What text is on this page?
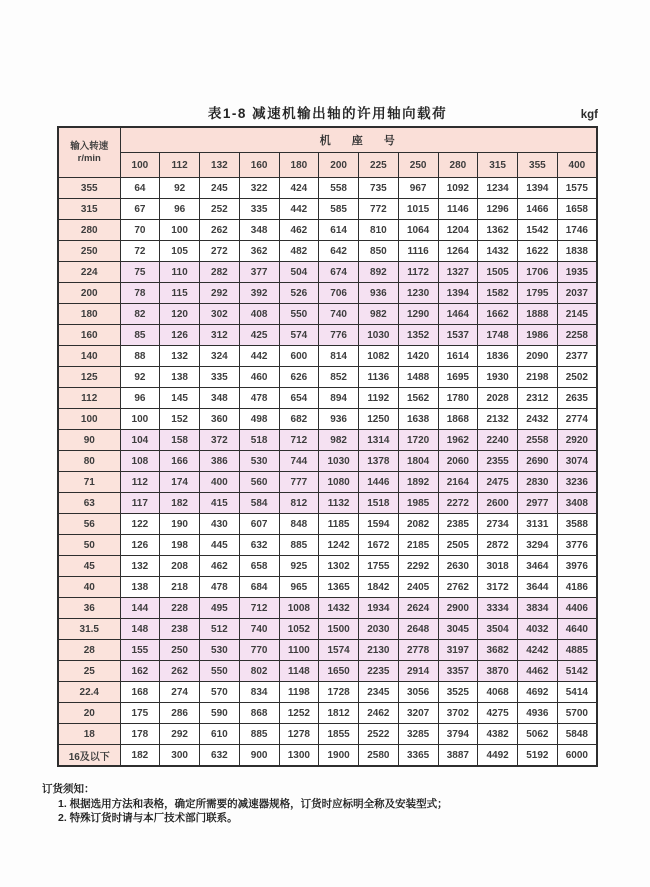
表1-8 减速机输出轴的许用轴向载荷	kgf
输入转速
r/min	机 座 号											
	100	112	132	160	180	200	225	250	280	315	355	400
355	64	92	245	322	424	558	735	967	1092	1234	1394	1575
315	67	96	252	335	442	585	772	1015	1146	1296	1466	1658
280	70	100	262	348	462	614	810	1064	1204	1362	1542	1746
250	72	105	272	362	482	642	850	1116	1264	1432	1622	1838
224	75	110	282	377	504	674	892	1172	1327	1505	1706	1935
200	78	115	292	392	526	706	936	1230	1394	1582	1795	2037
180	82	120	302	408	550	740	982	1290	1464	1662	1888	2145
160	85	126	312	425	574	776	1030	1352	1537	1748	1986	2258
140	88	132	324	442	600	814	1082	1420	1614	1836	2090	2377
125	92	138	335	460	626	852	1136	1488	1695	1930	2198	2502
112	96	145	348	478	654	894	1192	1562	1780	2028	2312	2635
100	100	152	360	498	682	936	1250	1638	1868	2132	2432	2774
90	104	158	372	518	712	982	1314	1720	1962	2240	2558	2920
80	108	166	386	530	744	1030	1378	1804	2060	2355	2690	3074
71	112	174	400	560	777	1080	1446	1892	2164	2475	2830	3236
63	117	182	415	584	812	1132	1518	1985	2272	2600	2977	3408
56	122	190	430	607	848	1185	1594	2082	2385	2734	3131	3588
50	126	198	445	632	885	1242	1672	2185	2505	2872	3294	3776
45	132	208	462	658	925	1302	1755	2292	2630	3018	3464	3976
40	138	218	478	684	965	1365	1842	2405	2762	3172	3644	4186
36	144	228	495	712	1008	1432	1934	2624	2900	3334	3834	4406
31.5	148	238	512	740	1052	1500	2030	2648	3045	3504	4032	4640
28	155	250	530	770	1100	1574	2130	2778	3197	3682	4242	4885
25	162	262	550	802	1148	1650	2235	2914	3357	3870	4462	5142
22.4	168	274	570	834	1198	1728	2345	3056	3525	4068	4692	5414
20	175	286	590	868	1252	1812	2462	3207	3702	4275	4936	5700
18	178	292	610	885	1278	1855	2522	3285	3794	4382	5062	5848
16及以下	182	300	632	900	1300	1900	2580	3365	3887	4492	5192	6000
订货须知：
1. 根据选用方法和表格，确定所需要的减速器规格，订货时应标明全称及安装型式；
2. 特殊订货时请与本厂技术部门联系。
